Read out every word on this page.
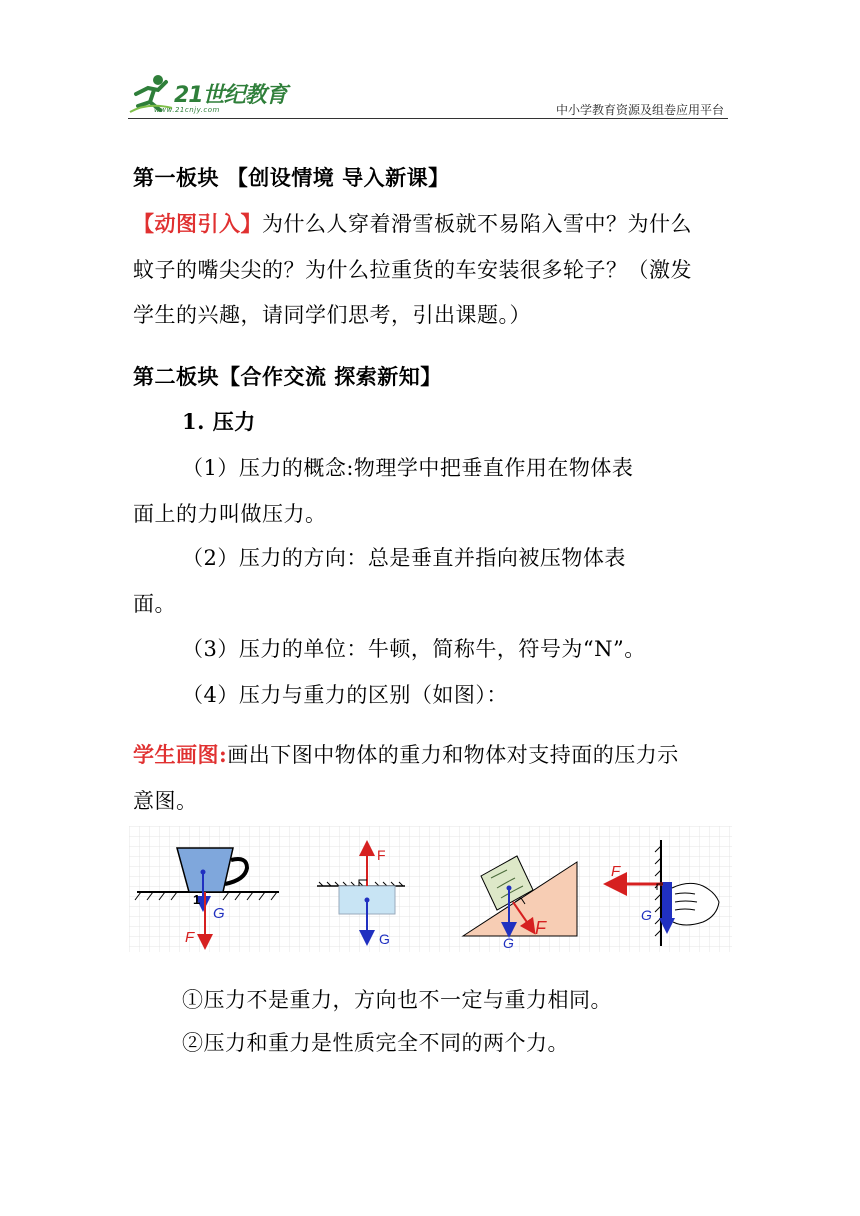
21世纪教育
www.21cnjy.com	中小学教育资源及组卷应用平台
第一板块 【创设情境 导入新课】
【动图引入】为什么人穿着滑雪板就不易陷入雪中？为什么
蚊子的嘴尖尖的？为什么拉重货的车安装很多轮子？（激发
学生的兴趣，请同学们思考，引出课题。）
第二板块【合作交流 探索新知】
1. 压力
（1）压力的概念:物理学中把垂直作用在物体表
面上的力叫做压力。
（2）压力的方向：总是垂直并指向被压物体表
面。
（3）压力的单位：牛顿，简称牛，符号为“N”。
（4）压力与重力的区别（如图）：
学生画图:画出下图中物体的重力和物体对支持面的压力示
意图。
G
F
1
F
G	G
F
F
G
①压力不是重力，方向也不一定与重力相同。
②压力和重力是性质完全不同的两个力。
